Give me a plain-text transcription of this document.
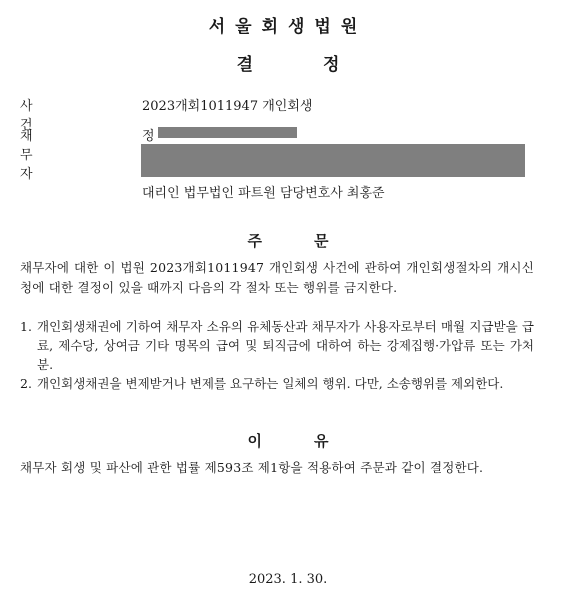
서울회생법원
결정
사 건
2023개회1011947 개인회생
채 무 자
정
대리인 법무법인 파트원 담당변호사 최홍준
주	문
채무자에 대한 이 법원 2023개회1011947 개인회생 사건에 관하여 개인회생절차의 개시신청에 대한 결정이 있을 때까지 다음의 각 절차 또는 행위를 금지한다.
1. 개인회생채권에 기하여 채무자 소유의 유체동산과 채무자가 사용자로부터 매월 지급받을 급료, 제수당, 상여금 기타 명목의 급여 및 퇴직금에 대하여 하는 강제집행·가압류 또는 가처분.
2. 개인회생채권을 변제받거나 변제를 요구하는 일체의 행위. 다만, 소송행위를 제외한다.
이	유
채무자 회생 및 파산에 관한 법률 제593조 제1항을 적용하여 주문과 같이 결정한다.
2023. 1. 30.
